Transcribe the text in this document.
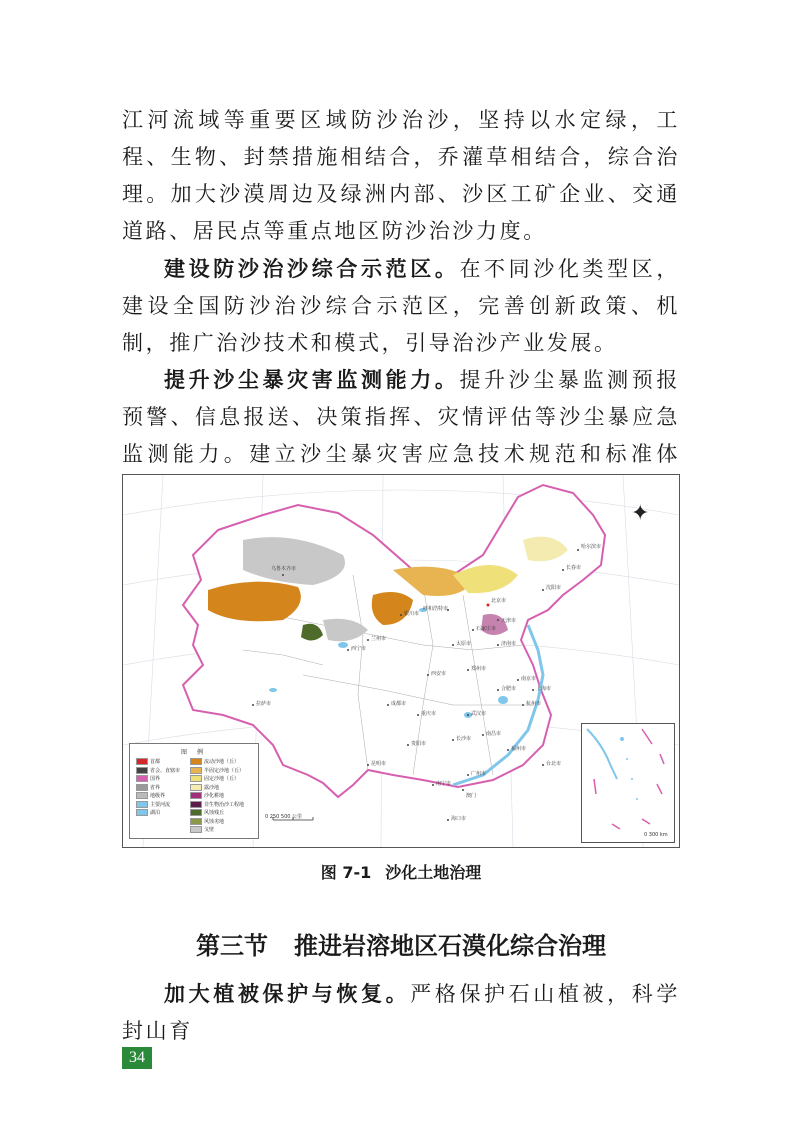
江河流域等重要区域防沙治沙，坚持以水定绿，工程、生物、封禁措施相结合，乔灌草相结合，综合治理。加大沙漠周边及绿洲内部、沙区工矿企业、交通道路、居民点等重点地区防沙治沙力度。

建设防沙治沙综合示范区。在不同沙化类型区，建设全国防沙治沙综合示范区，完善创新政策、机制，推广治沙技术和模式，引导治沙产业发展。

提升沙尘暴灾害监测能力。提升沙尘暴监测预报预警、信息报送、决策指挥、灾情评估等沙尘暴应急监测能力。建立沙尘暴灾害应急技术规范和标准体

0 250 500 公里
北京市
天津市
哈尔滨市
长春市
沈阳市
呼和浩特市
石家庄市
太原市	济南市
郑州市
银川市
兰州市
西宁市
乌鲁木齐市
西安市
拉萨市	成都市
重庆市	武汉市
合肥市
南京市
上海市
杭州市
长沙市
南昌市
福州市
台北市
贵阳市
昆明市
南宁市
广州市
澳门
海口市
✦
图 例
首都
省会、直辖市
国界
省界
地级界
主要河流
湖泊
流动沙地（丘）
半固定沙地（丘）
固定沙地（丘）
露沙地
沙化耕地
非生物治沙工程地
风蚀残丘
风蚀劣地
戈壁
0 300 km

图 7-1 沙化土地治理

第三节 推进岩溶地区石漠化综合治理

加大植被保护与恢复。严格保护石山植被，科学封山育

34
